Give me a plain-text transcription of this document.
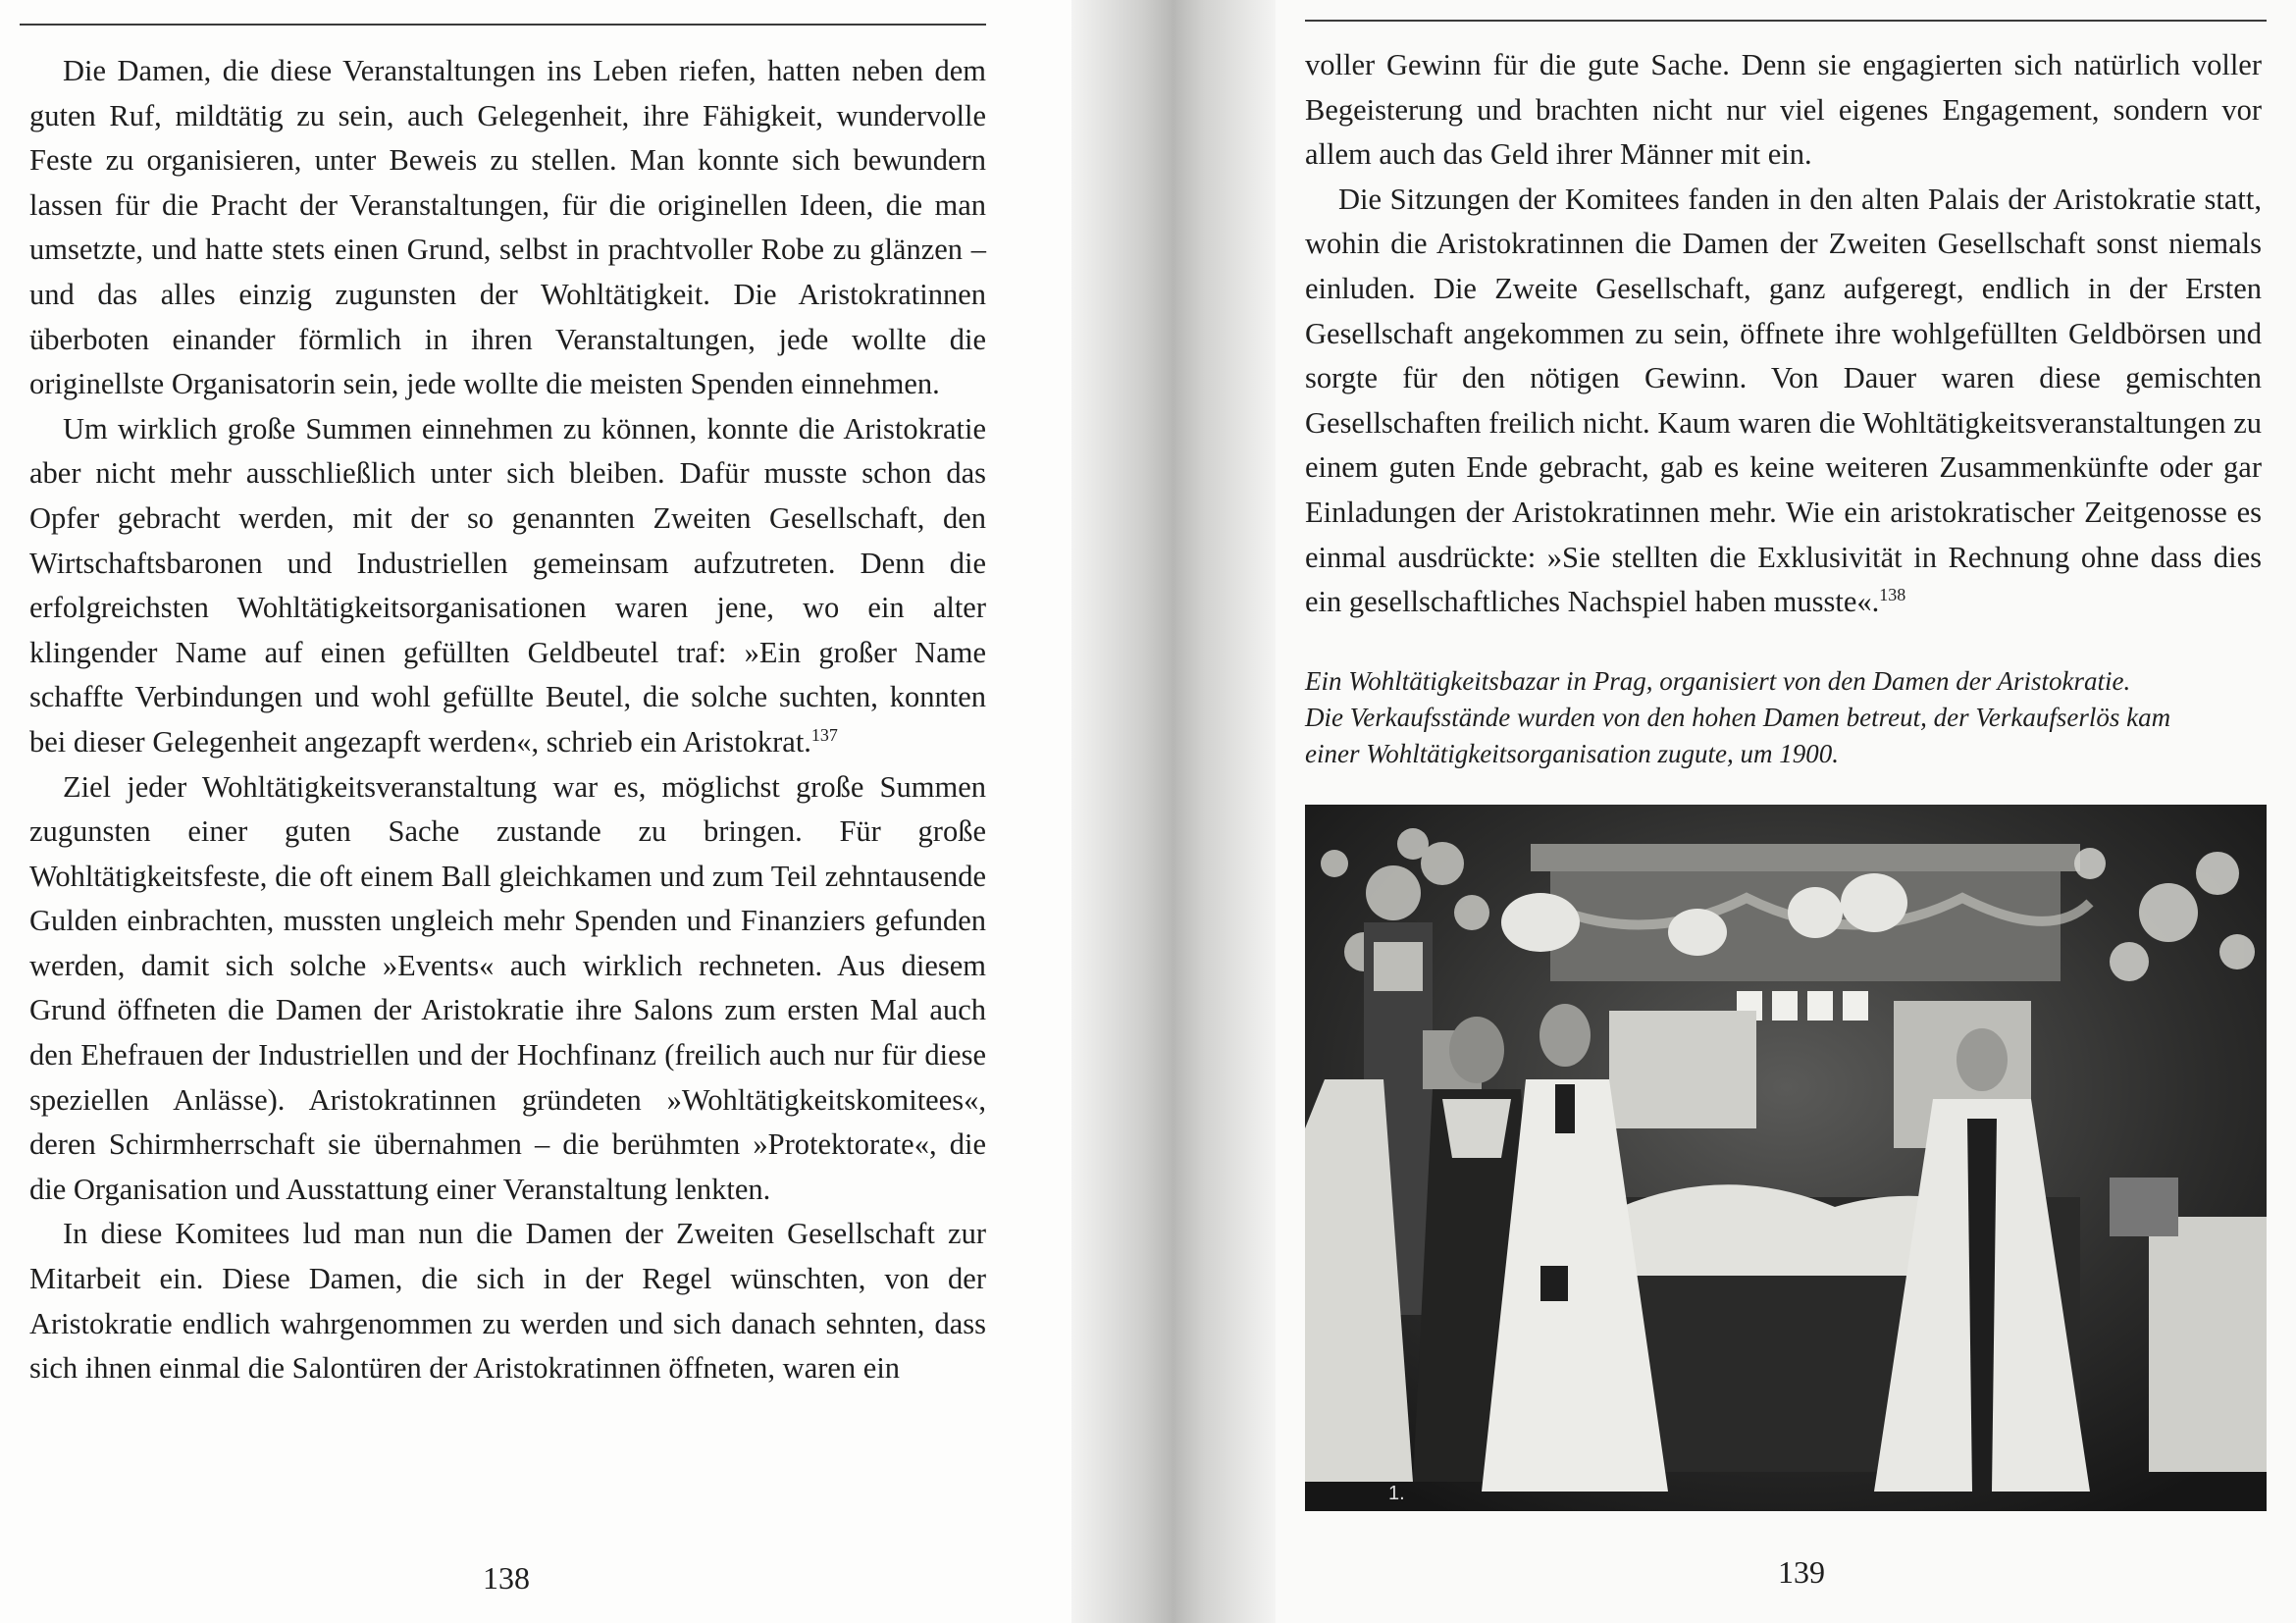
Die Damen, die diese Veranstaltungen ins Leben riefen, hatten neben dem guten Ruf, mildtätig zu sein, auch Gelegenheit, ihre Fähigkeit, wundervolle Feste zu organisieren, unter Beweis zu stellen. Man konnte sich bewundern lassen für die Pracht der Veranstaltungen, für die originellen Ideen, die man umsetzte, und hatte stets einen Grund, selbst in prachtvoller Robe zu glänzen – und das alles einzig zugunsten der Wohltätigkeit. Die Aristokratinnen überboten einander förmlich in ihren Veranstaltungen, jede wollte die originellste Organisatorin sein, jede wollte die meisten Spenden einnehmen.

Um wirklich große Summen einnehmen zu können, konnte die Aristokratie aber nicht mehr ausschließlich unter sich bleiben. Dafür musste schon das Opfer gebracht werden, mit der so genannten Zweiten Gesellschaft, den Wirtschaftsbaronen und Industriellen gemeinsam aufzutreten. Denn die erfolgreichsten Wohltätigkeitsorganisationen waren jene, wo ein alter klingender Name auf einen gefüllten Geldbeutel traf: »Ein großer Name schaffte Verbindungen und wohl gefüllte Beutel, die solche suchten, konnten bei dieser Gelegenheit angezapft werden«, schrieb ein Aristokrat.$^{137}$

Ziel jeder Wohltätigkeitsveranstaltung war es, möglichst große Summen zugunsten einer guten Sache zustande zu bringen. Für große Wohltätigkeitsfeste, die oft einem Ball gleichkamen und zum Teil zehntausende Gulden einbrachten, mussten ungleich mehr Spenden und Finanziers gefunden werden, damit sich solche »Events« auch wirklich rechneten. Aus diesem Grund öffneten die Damen der Aristokratie ihre Salons zum ersten Mal auch den Ehefrauen der Industriellen und der Hochfinanz (freilich auch nur für diese speziellen Anlässe). Aristokratinnen gründeten »Wohltätigkeitskomitees«, deren Schirmherrschaft sie übernahmen – die berühmten »Protektorate«, die die Organisation und Ausstattung einer Veranstaltung lenkten.

In diese Komitees lud man nun die Damen der Zweiten Gesellschaft zur Mitarbeit ein. Diese Damen, die sich in der Regel wünschten, von der Aristokratie endlich wahrgenommen zu werden und sich danach sehnten, dass sich ihnen einmal die Salontüren der Aristokratinnen öffneten, waren ein

138

voller Gewinn für die gute Sache. Denn sie engagierten sich natürlich voller Begeisterung und brachten nicht nur viel eigenes Engagement, sondern vor allem auch das Geld ihrer Männer mit ein.

Die Sitzungen der Komitees fanden in den alten Palais der Aristokratie statt, wohin die Aristokratinnen die Damen der Zweiten Gesellschaft sonst niemals einluden. Die Zweite Gesellschaft, ganz aufgeregt, endlich in der Ersten Gesellschaft angekommen zu sein, öffnete ihre wohlgefüllten Geldbörsen und sorgte für den nötigen Gewinn. Von Dauer waren diese gemischten Gesellschaften freilich nicht. Kaum waren die Wohltätigkeitsveranstaltungen zu einem guten Ende gebracht, gab es keine weiteren Zusammenkünfte oder gar Einladungen der Aristokratinnen mehr. Wie ein aristokratischer Zeitgenosse es einmal ausdrückte: »Sie stellten die Exklusivität in Rechnung ohne dass dies ein gesellschaftliches Nachspiel haben musste«.$^{138}$

Ein Wohltätigkeitsbazar in Prag, organisiert von den Damen der Aristokratie.
Die Verkaufsstände wurden von den hohen Damen betreut, der Verkaufserlös kam
einer Wohltätigkeitsorganisation zugute, um 1900.
1.
139
